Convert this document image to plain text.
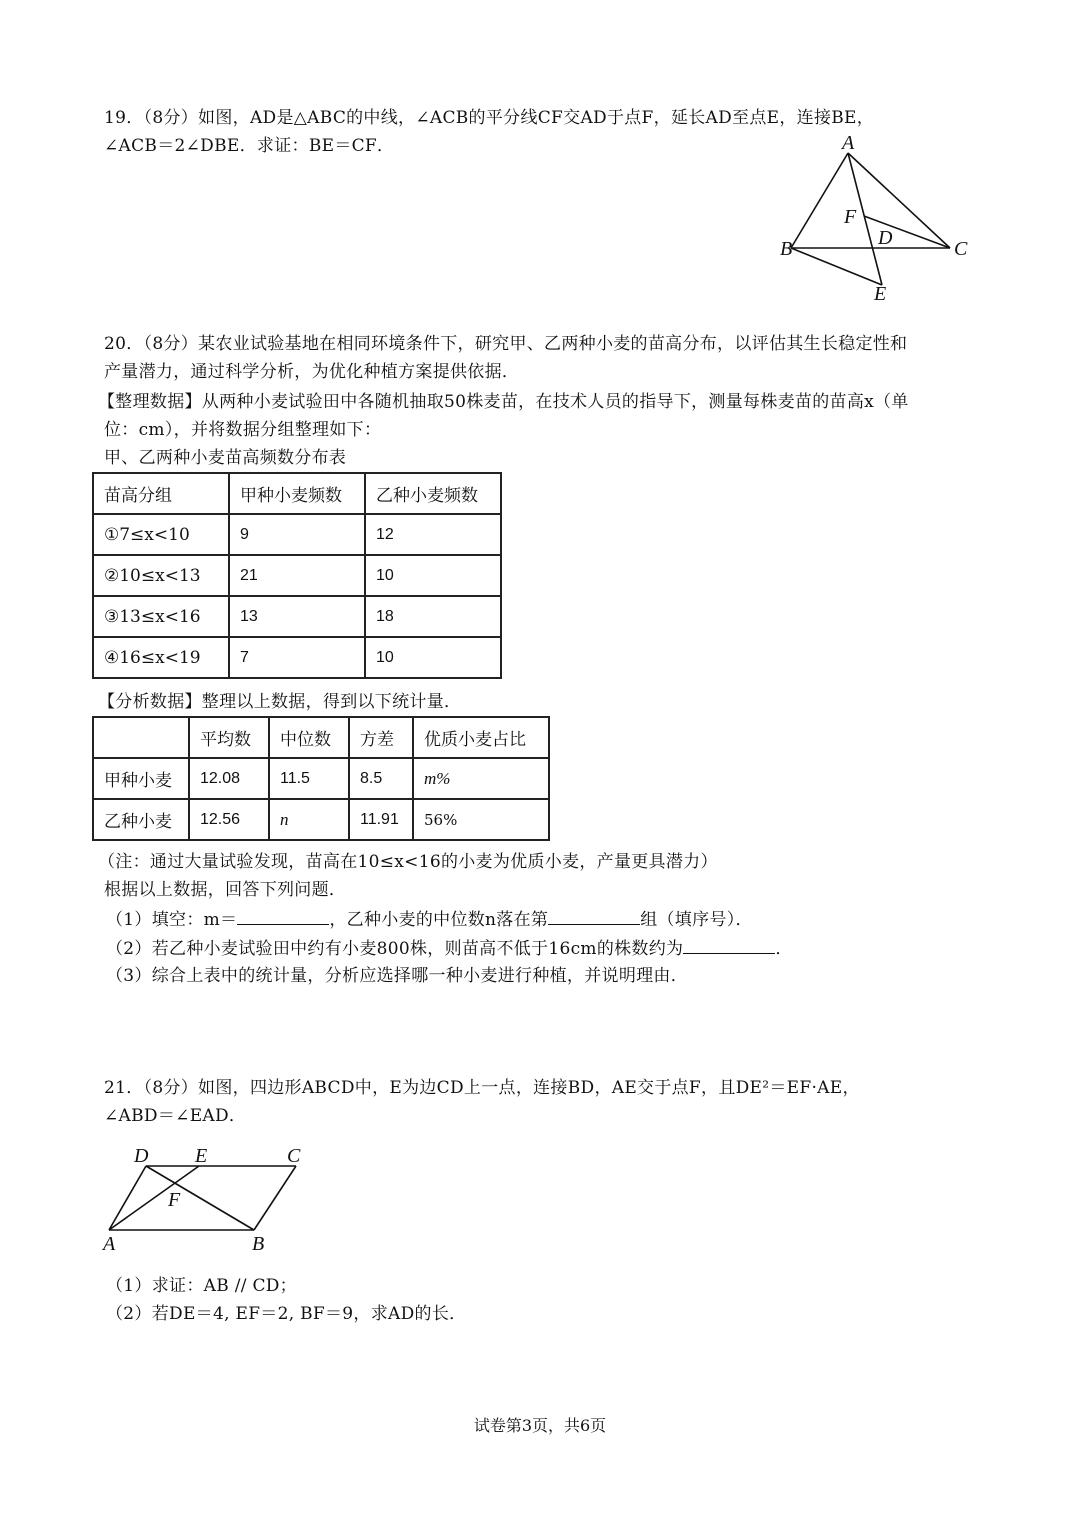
19．（8分）如图，AD是△ABC的中线，∠ACB的平分线CF交AD于点F，延长AD至点E，连接BE，
∠ACB＝2∠DBE．求证：BE＝CF．	A
B	C
D
E
F
20．（8分）某农业试验基地在相同环境条件下，研究甲、乙两种小麦的苗高分布，以评估其生长稳定性和
产量潜力，通过科学分析，为优化种植方案提供依据．
【整理数据】从两种小麦试验田中各随机抽取50株麦苗，在技术人员的指导下，测量每株麦苗的苗高x（单
位：cm），并将数据分组整理如下：
甲、乙两种小麦苗高频数分布表
苗高分组	甲种小麦频数	乙种小麦频数
①7≤x<10	9	12
②10≤x<13	21	10
③13≤x<16	13	18
④16≤x<19	7	10
【分析数据】整理以上数据，得到以下统计量．
	平均数	中位数	方差	优质小麦占比
甲种小麦	12.08	11.5	8.5	m%
乙种小麦	12.56	n	11.91	56%
（注：通过大量试验发现，苗高在10≤x<16的小麦为优质小麦，产量更具潜力）
根据以上数据，回答下列问题．
（1）填空：m＝	，乙种小麦的中位数n落在第	组（填序号）．
（2）若乙种小麦试验田中约有小麦800株，则苗高不低于16cm的株数约为	．
（3）综合上表中的统计量，分析应选择哪一种小麦进行种植，并说明理由．
21．（8分）如图，四边形ABCD中，E为边CD上一点，连接BD，AE交于点F，且DE²＝EF·AE，
∠ABD＝∠EAD．
D E	C
F
A	B
（1）求证：AB // CD；
（2）若DE＝4, EF＝2, BF＝9，求AD的长．
试卷第3页，共6页
